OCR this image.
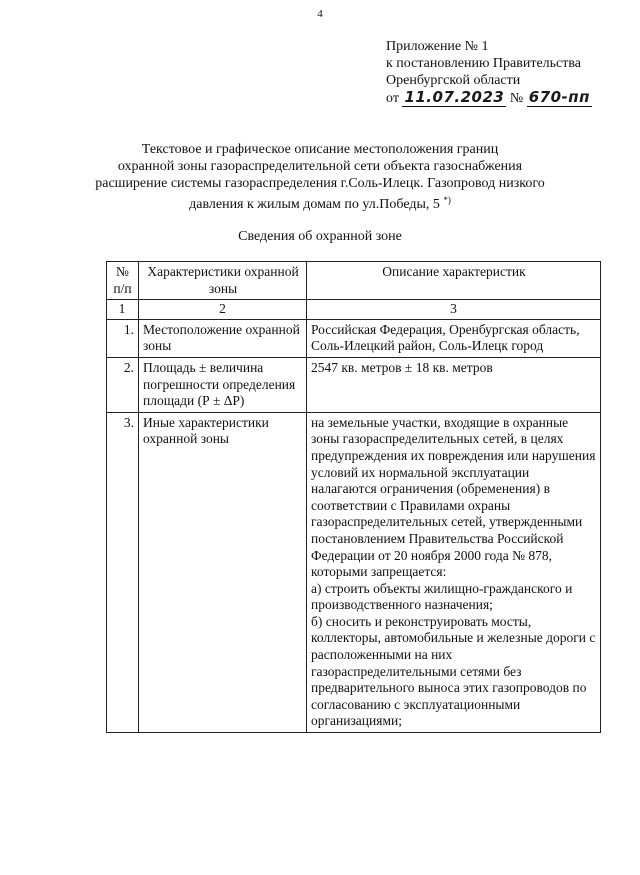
4
Приложение № 1
к постановлению Правительства
Оренбургской области
от 11.07.2023 № 670-пп
Текстовое и графическое описание местоположения границ
охранной зоны газораспределительной сети объекта газоснабжения
расширение системы газораспределения г.Соль-Илецк. Газопровод низкого
давления к жилым домам по ул.Победы, 5 *)
Сведения об охранной зоне
№ п/п	Характеристики охранной зоны	Описание характеристик
1	2	3
1.	Местоположение охранной зоны	Российская Федерация, Оренбургская область, Соль-Илецкий район, Соль-Илецк город
2.	Площадь ± величина погрешности определения площади (Р ± ΔР)	2547 кв. метров ± 18 кв. метров
3.	Иные характеристики охранной зоны	на земельные участки, входящие в охранные зоны газораспределительных сетей, в целях предупреждения их повреждения или нарушения условий их нормальной эксплуатации налагаются ограничения (обременения) в соответствии с Правилами охраны газораспределительных сетей, утвержденными постановлением Правительства Российской Федерации от 20 ноября 2000 года № 878, которыми запрещается:
а) строить объекты жилищно-гражданского и производственного назначения;
б) сносить и реконструировать мосты, коллекторы, автомобильные и железные дороги с расположенными на них газораспределительными сетями без предварительного выноса этих газопроводов по согласованию с эксплуатационными организациями;
